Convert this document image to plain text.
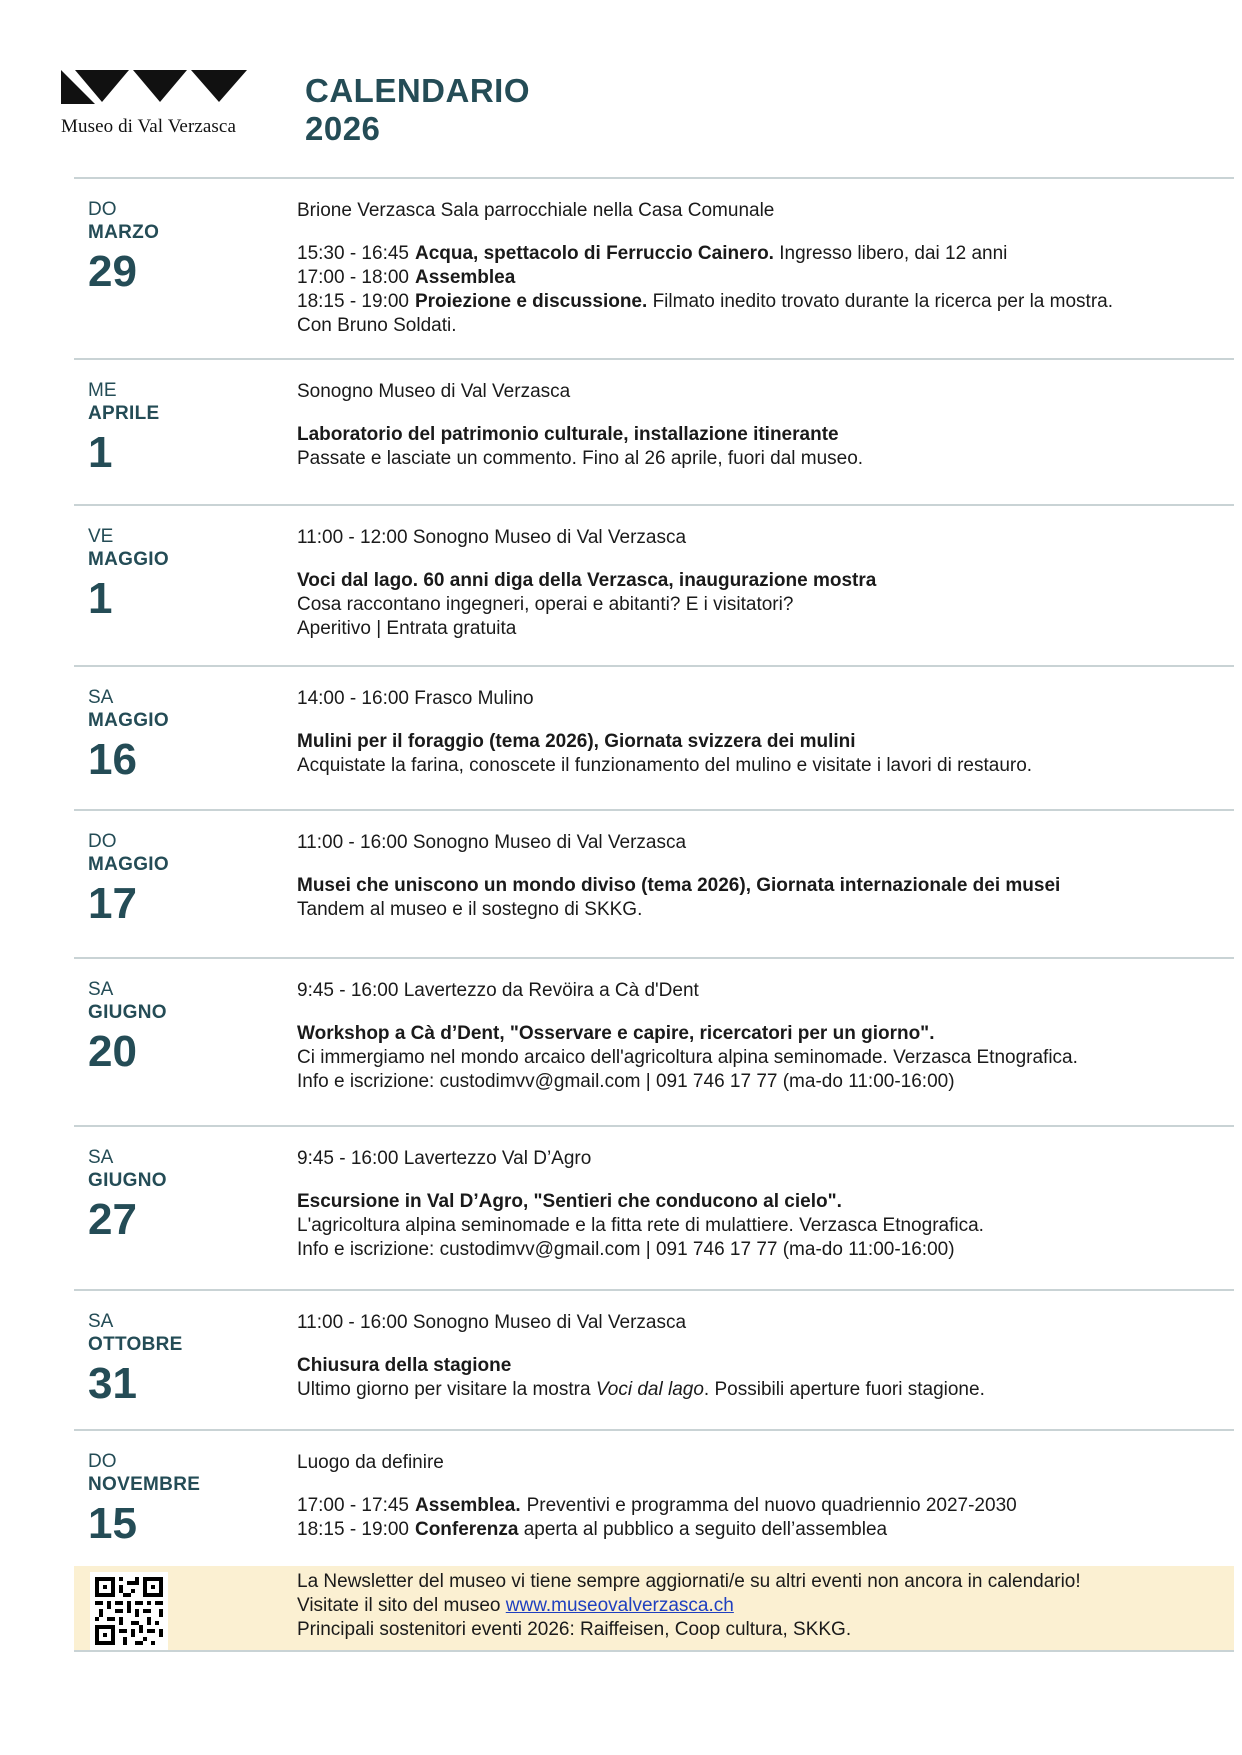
Museo di Val Verzasca
CALENDARIO
2026
DO
MARZO
29
Brione Verzasca Sala parrocchiale nella Casa Comunale
15:30 - 16:45 Acqua, spettacolo di Ferruccio Cainero. Ingresso libero, dai 12 anni
17:00 - 18:00 Assemblea
18:15 - 19:00 Proiezione e discussione. Filmato inedito trovato durante la ricerca per la mostra.
Con Bruno Soldati.
ME
APRILE
1
Sonogno Museo di Val Verzasca
Laboratorio del patrimonio culturale, installazione itinerante
Passate e lasciate un commento. Fino al 26 aprile, fuori dal museo.
VE
MAGGIO
1
11:00 - 12:00 Sonogno Museo di Val Verzasca
Voci dal lago. 60 anni diga della Verzasca, inaugurazione mostra
Cosa raccontano ingegneri, operai e abitanti? E i visitatori?
Aperitivo | Entrata gratuita
SA
MAGGIO
16
14:00 - 16:00 Frasco Mulino
Mulini per il foraggio (tema 2026), Giornata svizzera dei mulini
Acquistate la farina, conoscete il funzionamento del mulino e visitate i lavori di restauro.
DO
MAGGIO
17
11:00 - 16:00 Sonogno Museo di Val Verzasca
Musei che uniscono un mondo diviso (tema 2026), Giornata internazionale dei musei
Tandem al museo e il sostegno di SKKG.
SA
GIUGNO
20
9:45 - 16:00 Lavertezzo da Revöira a Cà d'Dent
Workshop a Cà d’Dent, "Osservare e capire, ricercatori per un giorno".
Ci immergiamo nel mondo arcaico dell'agricoltura alpina seminomade. Verzasca Etnografica.
Info e iscrizione: custodimvv@gmail.com | 091 746 17 77 (ma-do 11:00-16:00)
SA
GIUGNO
27
9:45 - 16:00 Lavertezzo Val D’Agro
Escursione in Val D’Agro, "Sentieri che conducono al cielo".
L'agricoltura alpina seminomade e la fitta rete di mulattiere. Verzasca Etnografica.
Info e iscrizione: custodimvv@gmail.com | 091 746 17 77 (ma-do 11:00-16:00)
SA
OTTOBRE
31
11:00 - 16:00 Sonogno Museo di Val Verzasca
Chiusura della stagione
Ultimo giorno per visitare la mostra Voci dal lago. Possibili aperture fuori stagione.
DO
NOVEMBRE
15
Luogo da definire
17:00 - 17:45 Assemblea. Preventivi e programma del nuovo quadriennio 2027-2030
18:15 - 19:00 Conferenza aperta al pubblico a seguito dell’assemblea
La Newsletter del museo vi tiene sempre aggiornati/e su altri eventi non ancora in calendario!
Visitate il sito del museo www.museovalverzasca.ch
Principali sostenitori eventi 2026: Raiffeisen, Coop cultura, SKKG.
